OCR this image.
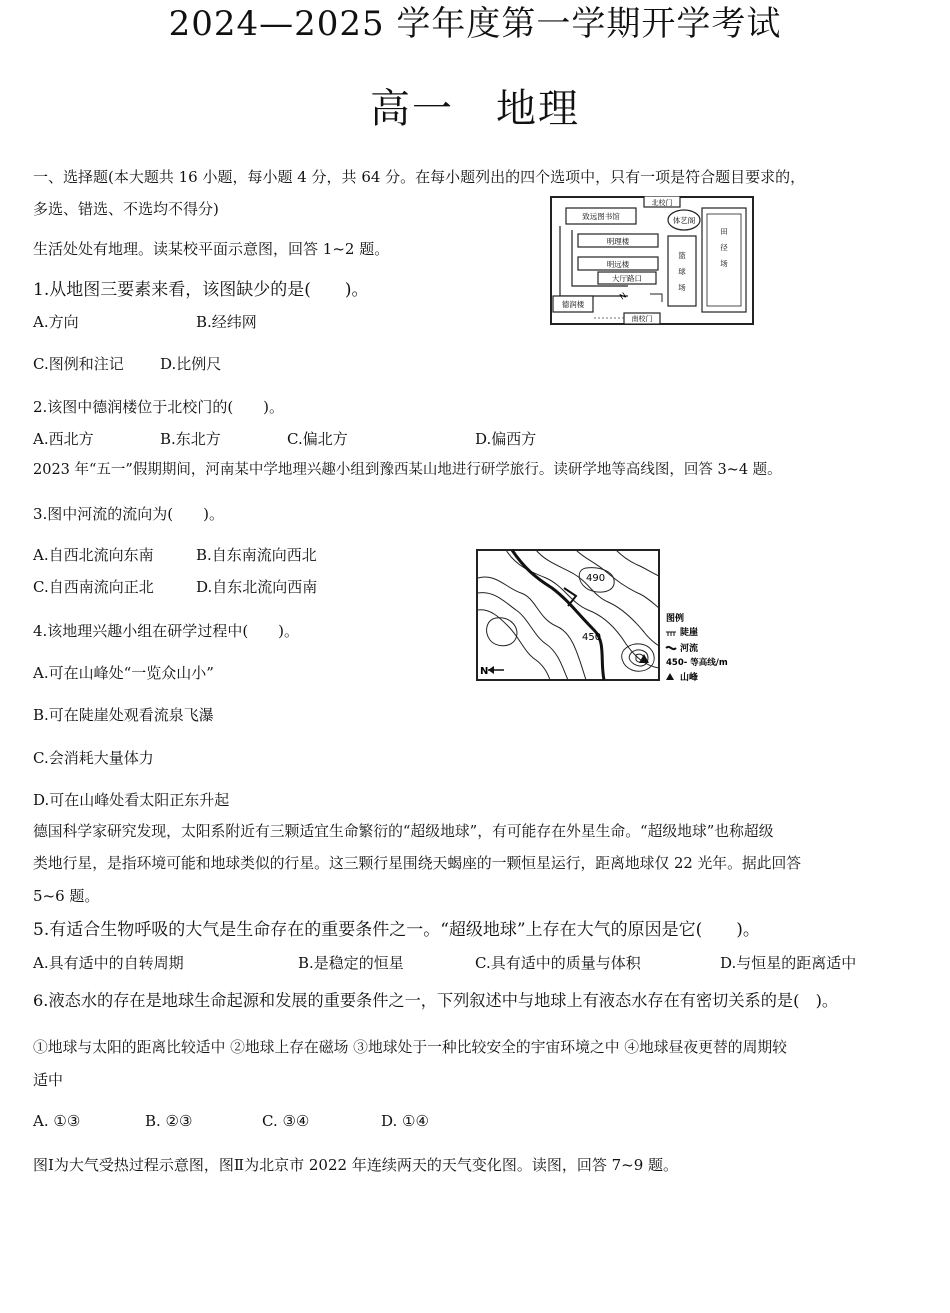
2024—2025 学年度第一学期开学考试
高一　地理
一、选择题(本大题共 16 小题，每小题 4 分，共 64 分。在每小题列出的四个选项中，只有一项是符合题目要求的，
多选、错选、不选均不得分)
生活处处有地理。读某校平面示意图，回答 1~2 题。
北校门
致远图书馆
明理楼
体艺阁
田
径
场
明远楼
篮
球
场
大厅路口
德润楼
N
南校门
1.从地图三要素来看，该图缺少的是(　　)。
A.方向	B.经纬网
C.图例和注记 D.比例尺
2.该图中德润楼位于北校门的(　　)。
A.西北方	B.东北方	C.偏北方	D.偏西方
2023 年“五一”假期期间，河南某中学地理兴趣小组到豫西某山地进行研学旅行。读研学地等高线图，回答 3~4 题。
3.图中河流的流向为(　　)。
A.自西北流向东南	B.自东南流向西北
C.自西南流向正北	D.自东北流向西南	490
450
N
图例
陡崖
河流
450- 等高线/m
山峰
4.该地理兴趣小组在研学过程中(　　)。
A.可在山峰处“一览众山小”
B.可在陡崖处观看流泉飞瀑
C.会消耗大量体力
D.可在山峰处看太阳正东升起
德国科学家研究发现，太阳系附近有三颗适宜生命繁衍的“超级地球”，有可能存在外星生命。“超级地球”也称超级
类地行星，是指环境可能和地球类似的行星。这三颗行星围绕天蝎座的一颗恒星运行，距离地球仅 22 光年。据此回答
5~6 题。
5.有适合生物呼吸的大气是生命存在的重要条件之一。“超级地球”上存在大气的原因是它(　　)。
A.具有适中的自转周期	B.是稳定的恒星	C.具有适中的质量与体积	D.与恒星的距离适中
6.液态水的存在是地球生命起源和发展的重要条件之一，下列叙述中与地球上有液态水存在有密切关系的是(　)。
①地球与太阳的距离比较适中 ②地球上存在磁场 ③地球处于一种比较安全的宇宙环境之中 ④地球昼夜更替的周期较
适中
A. ①③	B. ②③	C. ③④	D. ①④
图Ⅰ为大气受热过程示意图，图Ⅱ为北京市 2022 年连续两天的天气变化图。读图，回答 7~9 题。
